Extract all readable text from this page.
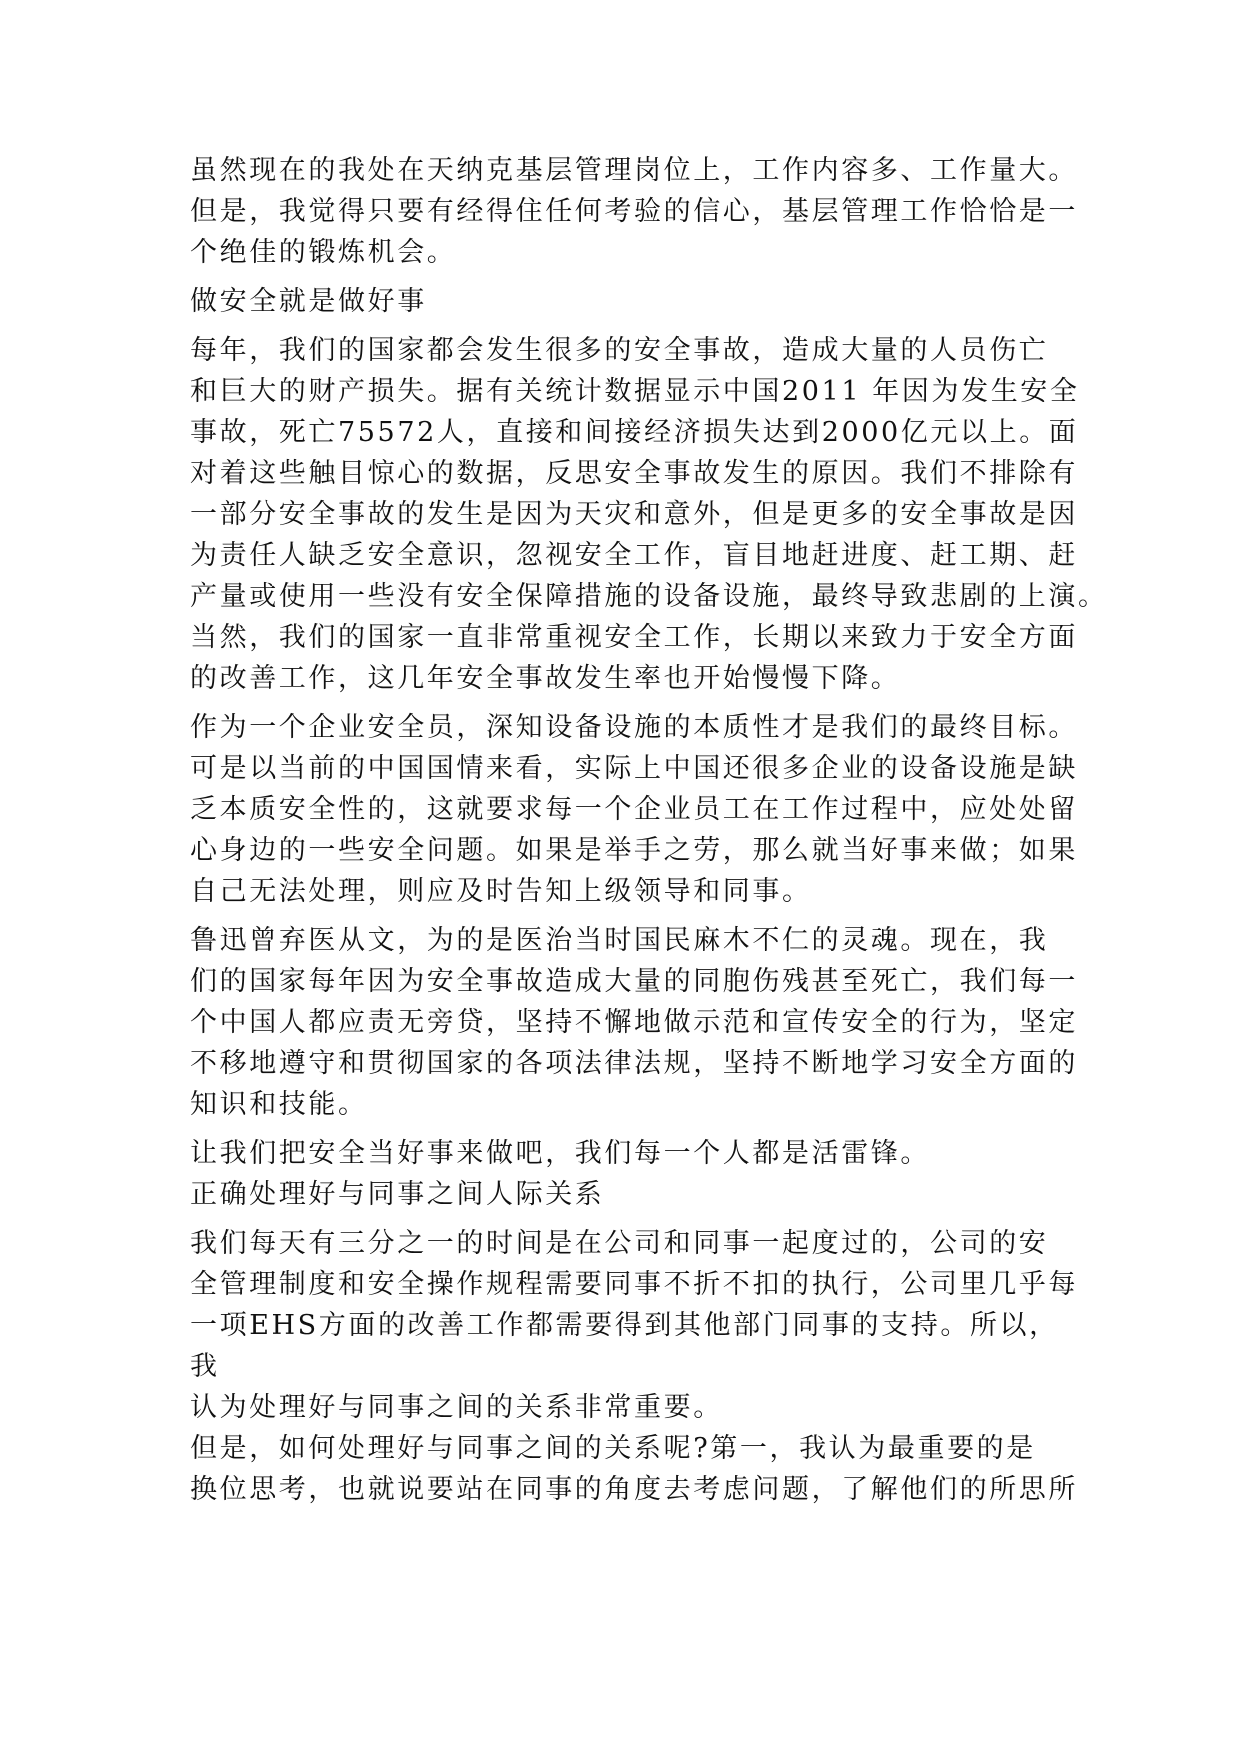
虽然现在的我处在天纳克基层管理岗位上，工作内容多、工作量大。
但是，我觉得只要有经得住任何考验的信心，基层管理工作恰恰是一
个绝佳的锻炼机会。
做安全就是做好事
每年，我们的国家都会发生很多的安全事故，造成大量的人员伤亡
和巨大的财产损失。据有关统计数据显示中国2011 年因为发生安全
事故，死亡75572人，直接和间接经济损失达到2000亿元以上。面
对着这些触目惊心的数据，反思安全事故发生的原因。我们不排除有
一部分安全事故的发生是因为天灾和意外，但是更多的安全事故是因
为责任人缺乏安全意识，忽视安全工作，盲目地赶进度、赶工期、赶
产量或使用一些没有安全保障措施的设备设施，最终导致悲剧的上演。
当然，我们的国家一直非常重视安全工作，长期以来致力于安全方面
的改善工作，这几年安全事故发生率也开始慢慢下降。
作为一个企业安全员，深知设备设施的本质性才是我们的最终目标。
可是以当前的中国国情来看，实际上中国还很多企业的设备设施是缺
乏本质安全性的，这就要求每一个企业员工在工作过程中，应处处留
心身边的一些安全问题。如果是举手之劳，那么就当好事来做；如果
自己无法处理，则应及时告知上级领导和同事。
鲁迅曾弃医从文，为的是医治当时国民麻木不仁的灵魂。现在，我
们的国家每年因为安全事故造成大量的同胞伤残甚至死亡，我们每一
个中国人都应责无旁贷，坚持不懈地做示范和宣传安全的行为，坚定
不移地遵守和贯彻国家的各项法律法规，坚持不断地学习安全方面的
知识和技能。
让我们把安全当好事来做吧，我们每一个人都是活雷锋。
正确处理好与同事之间人际关系
我们每天有三分之一的时间是在公司和同事一起度过的，公司的安
全管理制度和安全操作规程需要同事不折不扣的执行，公司里几乎每
一项EHS方面的改善工作都需要得到其他部门同事的支持。所以，
我
认为处理好与同事之间的关系非常重要。
但是，如何处理好与同事之间的关系呢?第一，我认为最重要的是
换位思考，也就说要站在同事的角度去考虑问题，了解他们的所思所
